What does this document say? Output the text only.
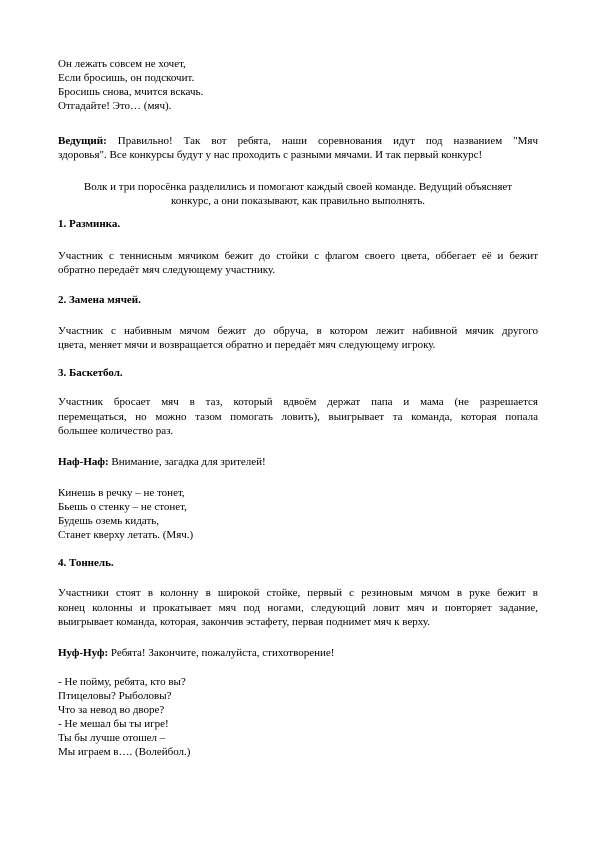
Он лежать совсем не хочет,
Если бросишь, он подскочит.
Бросишь снова, мчится вскачь.
Отгадайте! Это… (мяч).
Ведущий: Правильно! Так вот ребята, наши соревнования идут под названием "Мяч
здоровья". Все конкурсы будут у нас проходить с разными мячами. И так первый конкурс!
Волк и три поросёнка разделились и помогают каждый своей команде. Ведущий объясняет
конкурс, а они показывают, как правильно выполнять.
1. Разминка.
Участник с теннисным мячиком бежит до стойки с флагом своего цвета, оббегает её и бежит
обратно передаёт мяч следующему участнику.
2. Замена мячей.
Участник с набивным мячом бежит до обруча, в котором лежит набивной мячик другого
цвета, меняет мячи и возвращается обратно и передаёт мяч следующему игроку.
3. Баскетбол.
Участник бросает мяч в таз, который вдвоём держат папа и мама (не разрешается
перемещаться, но можно тазом помогать ловить), выигрывает та команда, которая попала
большее количество раз.
Наф-Наф: Внимание, загадка для зрителей!
Кинешь в речку – не тонет,
Бьешь о стенку – не стонет,
Будешь оземь кидать,
Станет кверху летать. (Мяч.)
4. Тоннель.
Участники стоят в колонну в широкой стойке, первый с резиновым мячом в руке бежит в
конец колонны и прокатывает мяч под ногами, следующий ловит мяч и повторяет задание,
выигрывает команда, которая, закончив эстафету, первая поднимет мяч к верху.
Нуф-Нуф: Ребята! Закончите, пожалуйста, стихотворение!
- Не пойму, ребята, кто вы?
Птицеловы? Рыболовы?
Что за невод во дворе?
- Не мешал бы ты игре!
Ты бы лучше отошел –
Мы играем в…. (Волейбол.)
